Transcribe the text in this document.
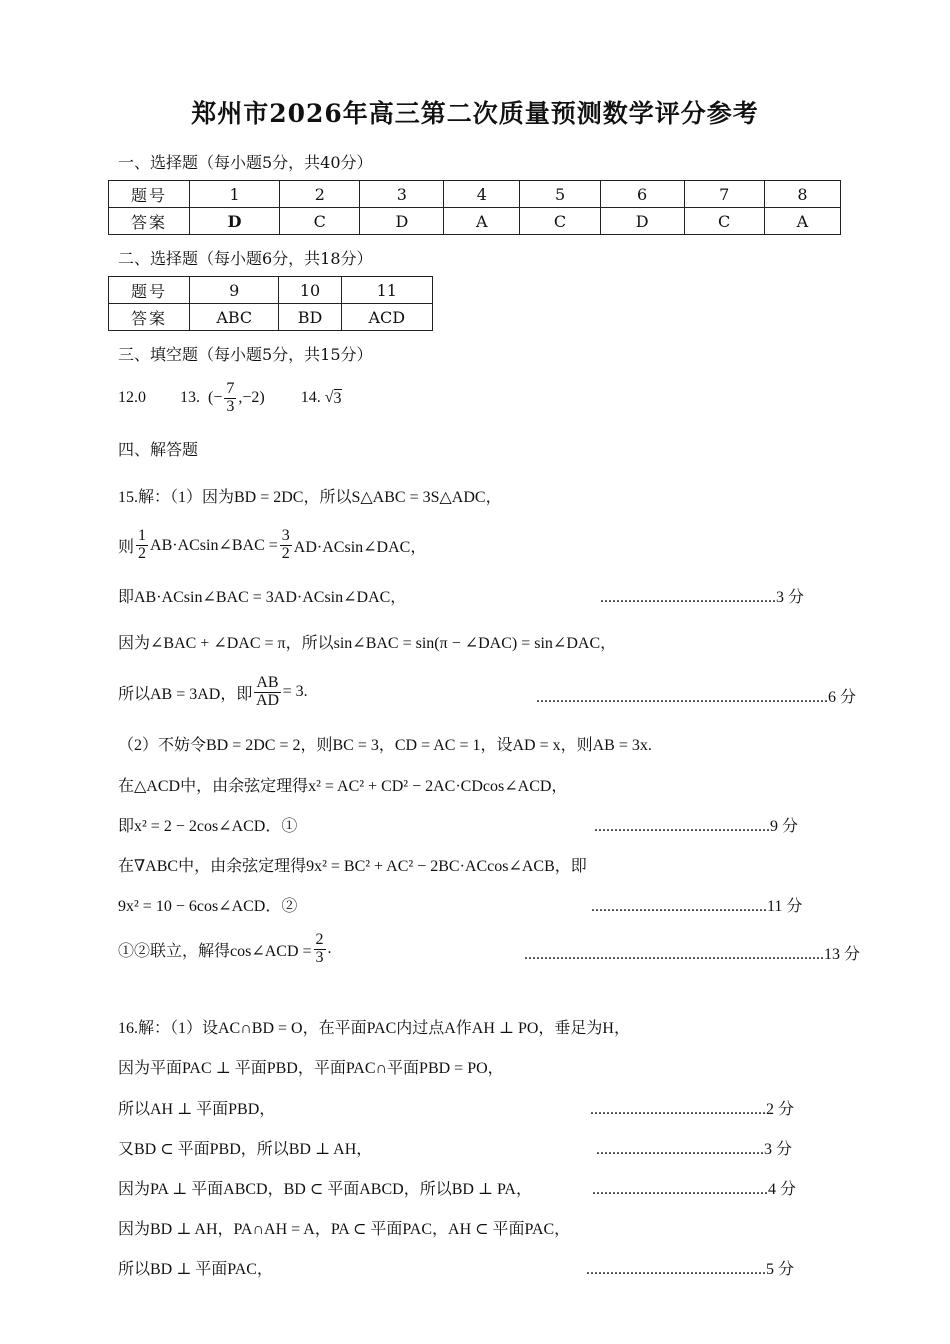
郑州市2026年高三第二次质量预测数学评分参考
一、选择题（每小题5分，共40分）
题号	1	2	3	4	5	6	7	8
答案	D	C	D	A	C	D	C	A
二、选择题（每小题6分，共18分）
题号	9	10	11
答案	ABC	BD	ACD
三、填空题（每小题5分，共15分）
12.0 13. (− $\frac{7}{3} ,-2$) 14. √ 3
四、解答题
15.解：（1）因为BD = 2DC，所以S△ABC = 3S△ADC，
则 $\frac{1}{2}$ AB·ACsin∠BAC = $\frac{3}{2}$ AD·ACsin∠DAC，
即AB·ACsin∠BAC = 3AD·ACsin∠DAC，	............................................3 分
因为∠BAC + ∠DAC = π，所以sin∠BAC = sin(π − ∠DAC) = sin∠DAC，
所以AB = 3AD，即 $\frac{AB}{AD} = 3$.	.........................................................................6 分
（2）不妨令BD = 2DC = 2，则BC = 3，CD = AC = 1，设AD = x，则AB = 3x.
在△ACD中，由余弦定理得x² = AC² + CD² − 2AC·CDcos∠ACD，
即x² = 2 − 2cos∠ACD．①	............................................9 分
在∇ABC中，由余弦定理得9x² = BC² + AC² − 2BC·ACcos∠ACB，即
9x² = 10 − 6cos∠ACD．②	............................................11 分
①②联立，解得cos∠ACD = $\frac{2}{3}$ .	...........................................................................13 分
16.解：（1）设AC∩BD = O，在平面PAC内过点A作AH ⊥ PO，垂足为H，
因为平面PAC ⊥ 平面PBD，平面PAC∩平面PBD = PO，
所以AH ⊥ 平面PBD，	............................................2 分
又BD ⊂ 平面PBD，所以BD ⊥ AH，	..........................................3 分
因为PA ⊥ 平面ABCD，BD ⊂ 平面ABCD，所以BD ⊥ PA，	............................................4 分
因为BD ⊥ AH，PA∩AH = A，PA ⊂ 平面PAC，AH ⊂ 平面PAC，
所以BD ⊥ 平面PAC，	.............................................5 分
